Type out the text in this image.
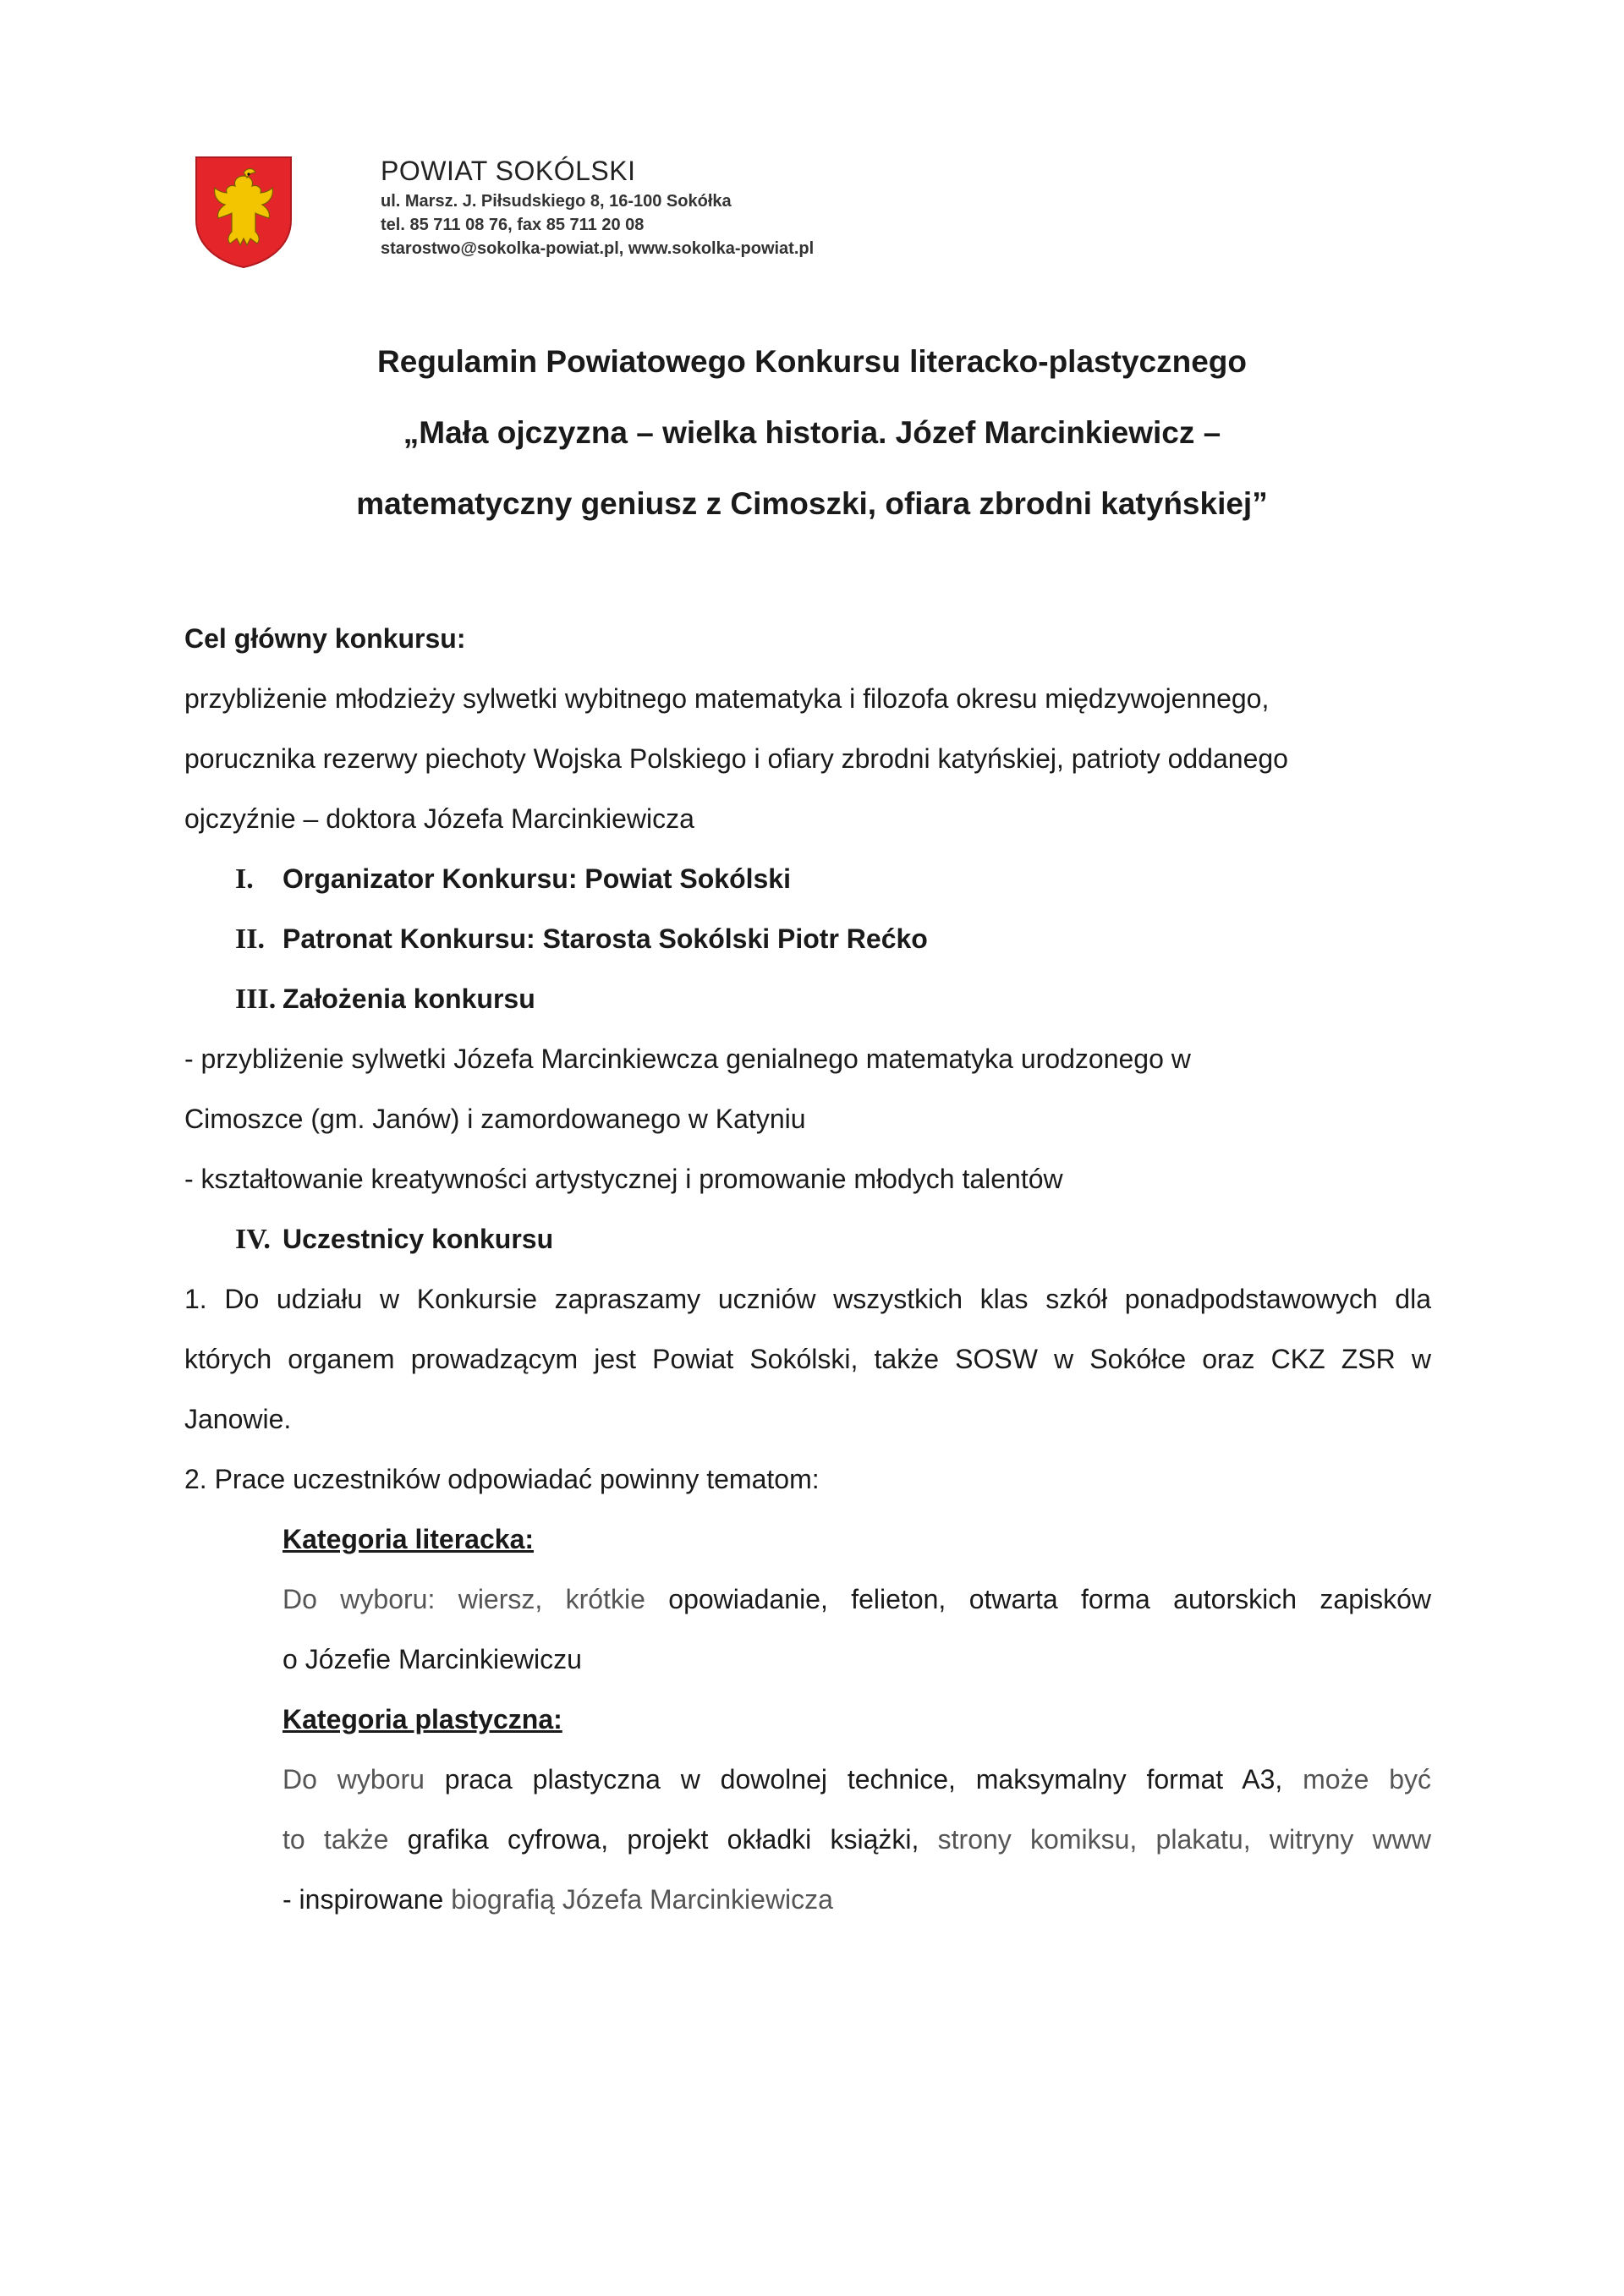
POWIAT SOKÓLSKI
ul. Marsz. J. Piłsudskiego 8, 16-100 Sokółka
tel. 85 711 08 76, fax 85 711 20 08
starostwo@sokolka-powiat.pl, www.sokolka-powiat.pl
Regulamin Powiatowego Konkursu literacko-plastycznego
„Mała ojczyzna – wielka historia. Józef Marcinkiewicz –
matematyczny geniusz z Cimoszki, ofiara zbrodni katyńskiej”
Cel główny konkursu:
przybliżenie młodzieży sylwetki wybitnego matematyka i filozofa okresu międzywojennego,
porucznika rezerwy piechoty Wojska Polskiego i ofiary zbrodni katyńskiej, patrioty oddanego
ojczyźnie – doktora Józefa Marcinkiewicza
I. Organizator Konkursu: Powiat Sokólski
II. Patronat Konkursu: Starosta Sokólski Piotr Rećko
III. Założenia konkursu
- przybliżenie sylwetki Józefa Marcinkiewcza genialnego matematyka urodzonego w
Cimoszce (gm. Janów) i zamordowanego w Katyniu
- kształtowanie kreatywności artystycznej i promowanie młodych talentów
IV. Uczestnicy konkursu
1. Do udziału w Konkursie zapraszamy uczniów wszystkich klas szkół ponadpodstawowych dla
których organem prowadzącym jest Powiat Sokólski, także SOSW w Sokółce oraz CKZ ZSR w
Janowie.
2. Prace uczestników odpowiadać powinny tematom:
Kategoria literacka:
Do wyboru: wiersz, krótkie opowiadanie, felieton, otwarta forma autorskich zapisków
o Józefie Marcinkiewiczu
Kategoria plastyczna:
Do wyboru praca plastyczna w dowolnej technice, maksymalny format A3, może być
to także grafika cyfrowa, projekt okładki książki, strony komiksu, plakatu, witryny www
- inspirowane biografią Józefa Marcinkiewicza
